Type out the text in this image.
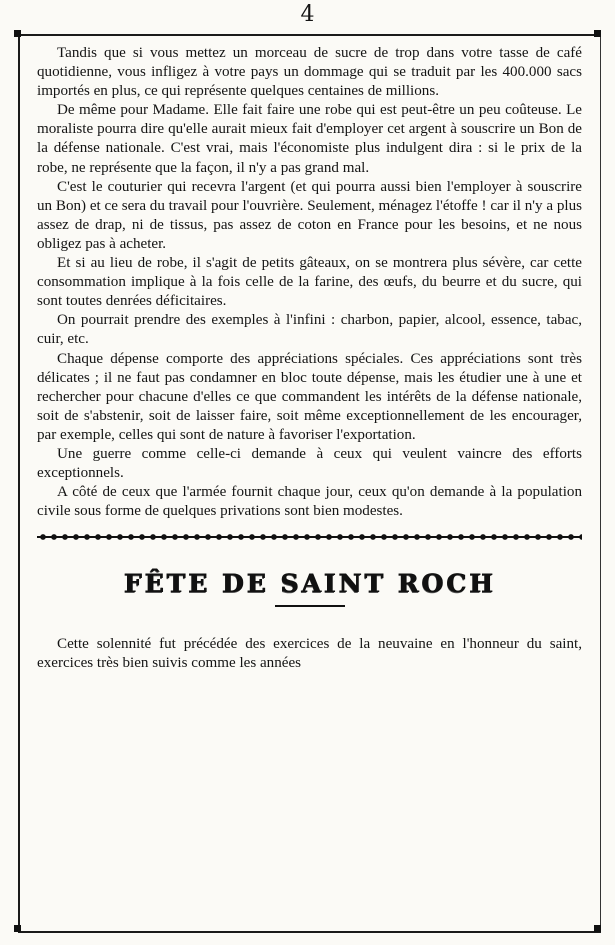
4

Tandis que si vous mettez un morceau de sucre de trop dans votre tasse de café quotidienne, vous infligez à votre pays un dommage qui se traduit par les 400.000 sacs importés en plus, ce qui représente quelques centaines de millions.

De même pour Madame. Elle fait faire une robe qui est peut-être un peu coûteuse. Le moraliste pourra dire qu'elle aurait mieux fait d'employer cet argent à souscrire un Bon de la défense nationale. C'est vrai, mais l'économiste plus indulgent dira : si le prix de la robe, ne représente que la façon, il n'y a pas grand mal.

C'est le couturier qui recevra l'argent (et qui pourra aussi bien l'employer à souscrire un Bon) et ce sera du travail pour l'ouvrière. Seulement, ménagez l'étoffe ! car il n'y a plus assez de drap, ni de tissus, pas assez de coton en France pour les besoins, et ne nous obligez pas à acheter.

Et si au lieu de robe, il s'agit de petits gâteaux, on se montrera plus sévère, car cette consommation implique à la fois celle de la farine, des œufs, du beurre et du sucre, qui sont toutes denrées déficitaires.

On pourrait prendre des exemples à l'infini : charbon, papier, alcool, essence, tabac, cuir, etc.

Chaque dépense comporte des appréciations spéciales. Ces appréciations sont très délicates ; il ne faut pas condamner en bloc toute dépense, mais les étudier une à une et rechercher pour chacune d'elles ce que commandent les intérêts de la défense nationale, soit de s'abstenir, soit de laisser faire, soit même exceptionnellement de les encourager, par exemple, celles qui sont de nature à favoriser l'exportation.

Une guerre comme celle-ci demande à ceux qui veulent vaincre des efforts exceptionnels.

A côté de ceux que l'armée fournit chaque jour, ceux qu'on demande à la population civile sous forme de quelques privations sont bien modestes.

FÊTE DE SAINT ROCH

Cette solennité fut précédée des exercices de la neuvaine en l'honneur du saint, exercices très bien suivis comme les années
